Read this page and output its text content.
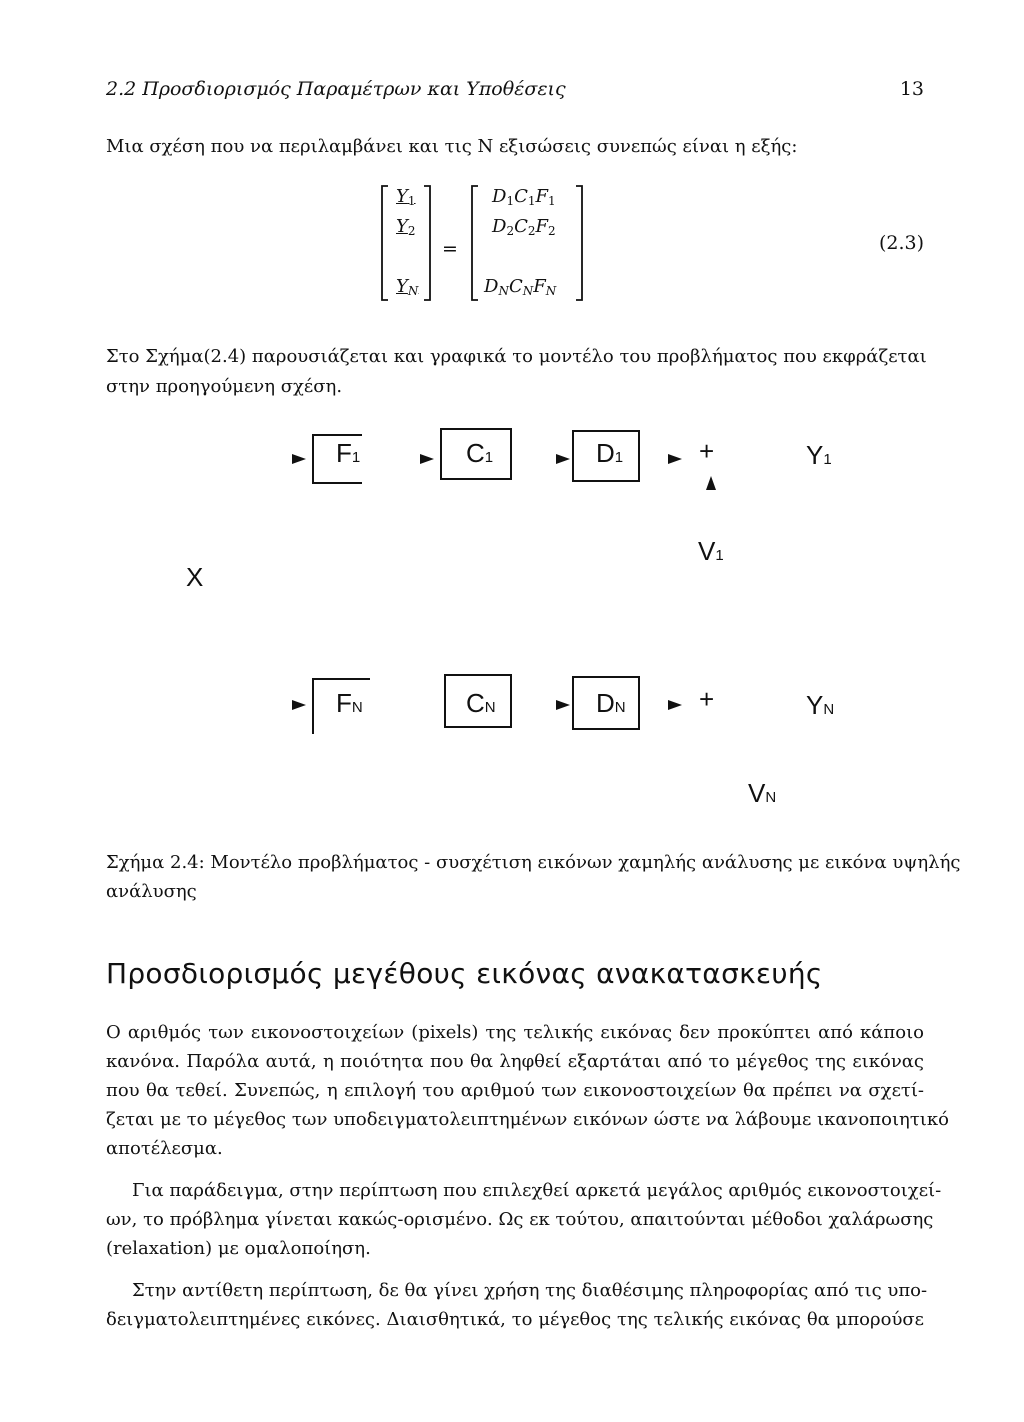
2.2 Προσδιορισμός Παραμέτρων και Υποθέσεις	13
Μια σχέση που να περιλαμβάνει και τις N εξισώσεις συνεπώς είναι η εξής:
$Y_1$
$Y_2$
YN
=
$D_1C_1F_1$
$D_2C_2F_2$
DNCNFN
(2.3)
Στο Σχήμα(2.4) παρουσιάζεται και γραφικά το μοντέλο του προβλήματος που εκφράζεται
στην προηγούμενη σχέση.
F1	C1	D1	+	Y1
V1
X
FN	CN	DN	+	YN
VN
Σχήμα 2.4: Μοντέλο προβλήματος - συσχέτιση εικόνων χαμηλής ανάλυσης με εικόνα υψηλής
ανάλυσης
Προσδιορισμός μεγέθους εικόνας ανακατασκευής
Ο αριθμός των εικονοστοιχείων (pixels) της τελικής εικόνας δεν προκύπτει από κάποιο
κανόνα. Παρόλα αυτά, η ποιότητα που θα ληφθεί εξαρτάται από το μέγεθος της εικόνας
που θα τεθεί. Συνεπώς, η επιλογή του αριθμού των εικονοστοιχείων θα πρέπει να σχετί-
ζεται με το μέγεθος των υποδειγματολειπτημένων εικόνων ώστε να λάβουμε ικανοποιητικό
αποτέλεσμα.
Για παράδειγμα, στην περίπτωση που επιλεχθεί αρκετά μεγάλος αριθμός εικονοστοιχεί-
ων, το πρόβλημα γίνεται κακώς-ορισμένο. Ως εκ τούτου, απαιτούνται μέθοδοι χαλάρωσης
(relaxation) με ομαλοποίηση.
Στην αντίθετη περίπτωση, δε θα γίνει χρήση της διαθέσιμης πληροφορίας από τις υπο-
δειγματολειπτημένες εικόνες. Διαισθητικά, το μέγεθος της τελικής εικόνας θα μπορούσε
